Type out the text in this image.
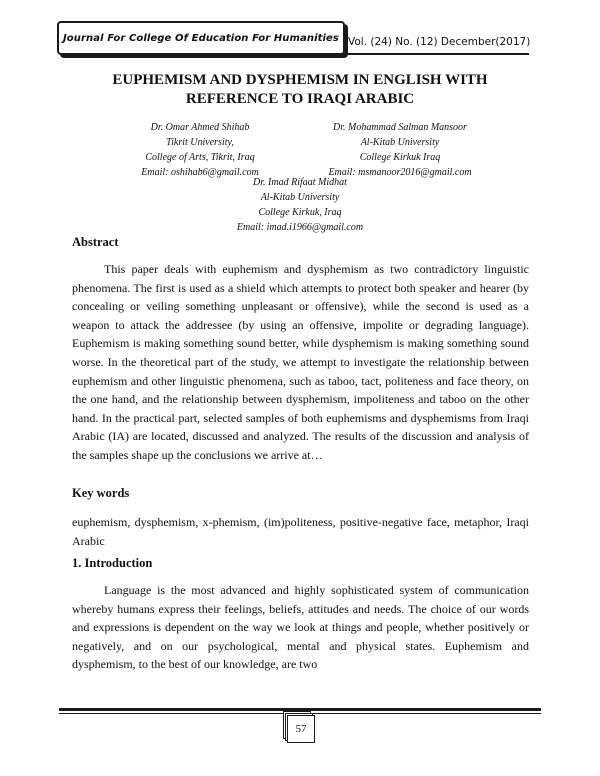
Journal For College Of Education For Humanities Vol. (24) No. (12) December(2017)
EUPHEMISM AND DYSPHEMISM IN ENGLISH WITH
REFERENCE TO IRAQI ARABIC
Dr. Omar Ahmed Shihab
Tikrit University,
College of Arts, Tikrit, Iraq
Email: oshihab6@gmail.com
Dr. Mohammad Salman Mansoor
Al-Kitab University
College Kirkuk Iraq
Email: msmanoor2016@gmail.com
Dr. Imad Rifaat Midhat
Al-Kitab University
College Kirkuk, Iraq
Email: imad.i1966@gmail.com
Abstract
This paper deals with euphemism and dysphemism as two contradictory linguistic phenomena. The first is used as a shield which attempts to protect both speaker and hearer (by concealing or veiling something unpleasant or offensive), while the second is used as a weapon to attack the addressee (by using an offensive, impolite or degrading language). Euphemism is making something sound better, while dysphemism is making something sound worse. In the theoretical part of the study, we attempt to investigate the relationship between euphemism and other linguistic phenomena, such as taboo, tact, politeness and face theory, on the one hand, and the relationship between dysphemism, impoliteness and taboo on the other hand. In the practical part, selected samples of both euphemisms and dysphemisms from Iraqi Arabic (IA) are located, discussed and analyzed. The results of the discussion and analysis of the samples shape up the conclusions we arrive at…
Key words
euphemism, dysphemism, x-phemism, (im)politeness, positive-negative face, metaphor, Iraqi Arabic
1. Introduction
Language is the most advanced and highly sophisticated system of communication whereby humans express their feelings, beliefs, attitudes and needs. The choice of our words and expressions is dependent on the way we look at things and people, whether positively or negatively, and on our psychological, mental and physical states. Euphemism and dysphemism, to the best of our knowledge, are two
57
